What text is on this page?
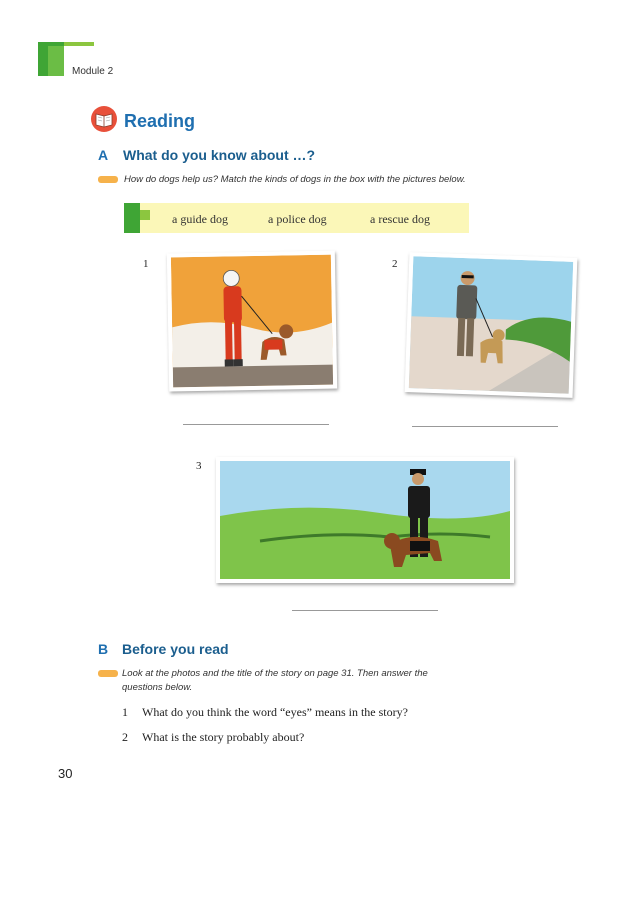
Module 2
Reading
A What do you know about …?
How do dogs help us? Match the kinds of dogs in the box with the pictures below.
a guide dog	a police dog	a rescue dog
1	2
3
B Before you read
Look at the photos and the title of the story on page 31. Then answer the
questions below.
1 What do you think the word “eyes” means in the story?
2 What is the story probably about?
30
